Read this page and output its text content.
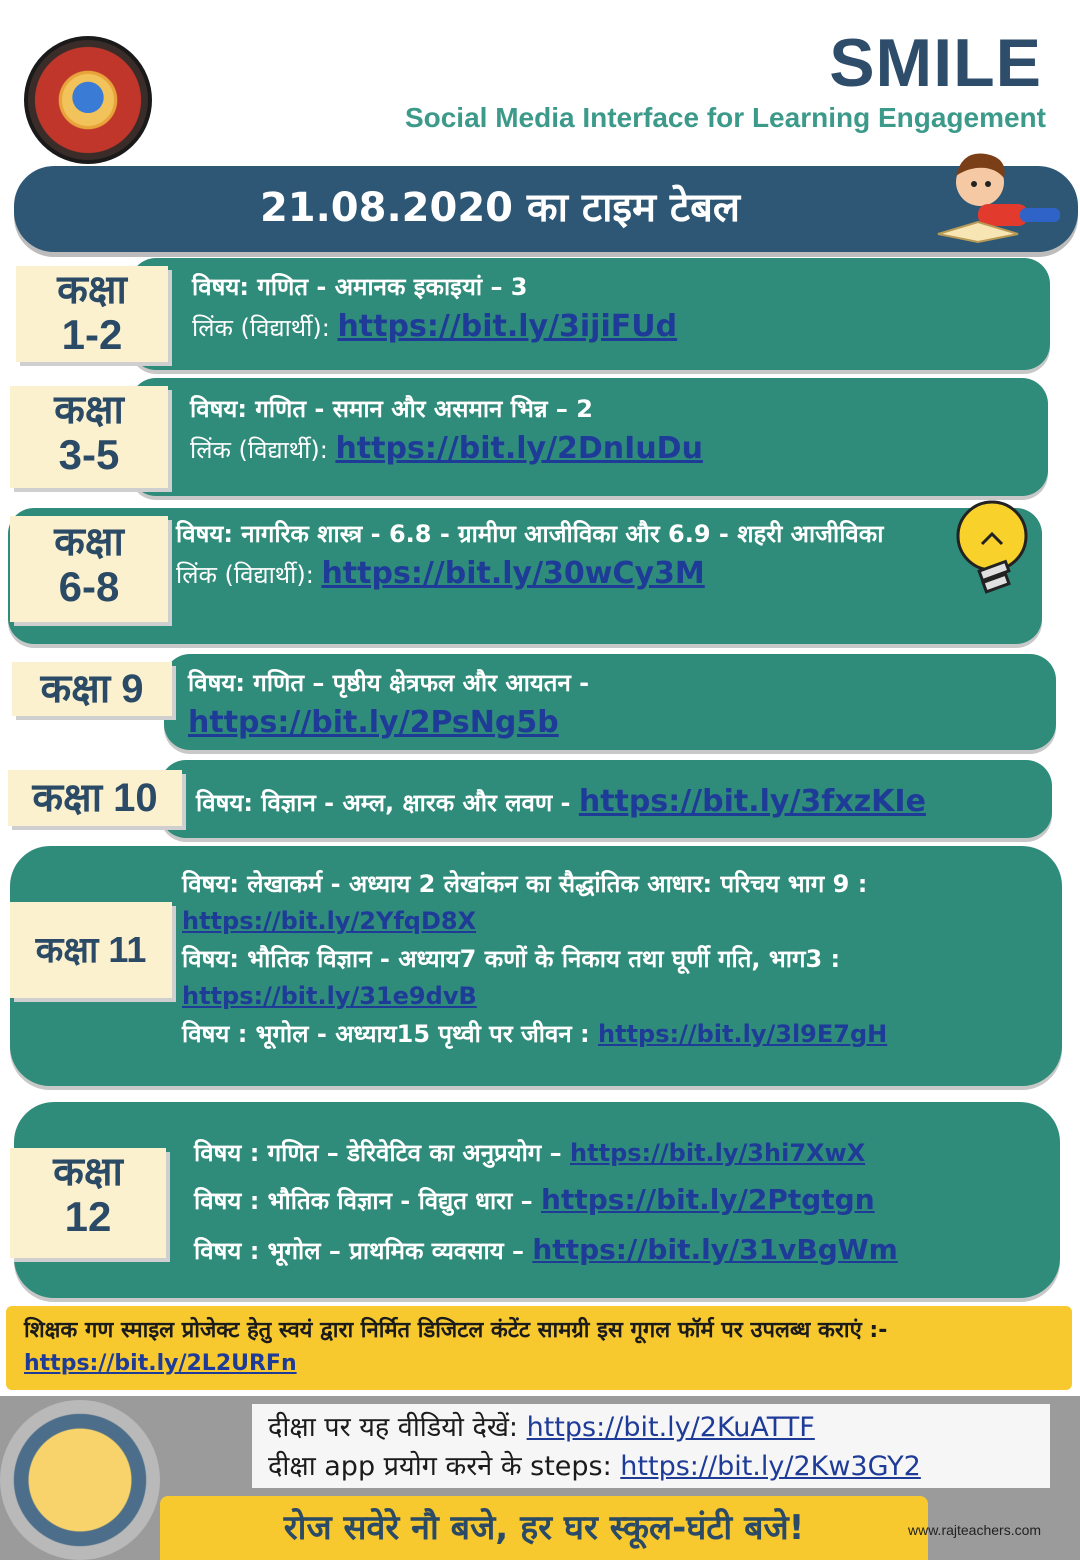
SMILE
Social Media Interface for Learning Engagement
21.08.2020 का टाइम टेबल
कक्षा
1-2
विषय: गणित - अमानक इकाइयां – 3
लिंक (विद्यार्थी): https://bit.ly/3ijiFUd
कक्षा
3-5
विषय: गणित - समान और असमान भिन्न – 2
लिंक (विद्यार्थी): https://bit.ly/2DnIuDu
कक्षा
6-8
विषय: नागरिक शास्त्र - 6.8 - ग्रामीण आजीविका और 6.9 - शहरी आजीविका
लिंक (विद्यार्थी): https://bit.ly/30wCy3M
कक्षा 9	विषय: गणित – पृष्ठीय क्षेत्रफल और आयतन -
https://bit.ly/2PsNg5b
कक्षा 10	विषय: विज्ञान - अम्ल, क्षारक और लवण - https://bit.ly/3fxzKIe
कक्षा 11
विषय: लेखाकर्म - अध्याय 2 लेखांकन का सैद्धांतिक आधार: परिचय भाग 9 : https://bit.ly/2YfqD8X
विषय: भौतिक विज्ञान - अध्याय7 कणों के निकाय तथा घूर्णी गति, भाग3 : https://bit.ly/31e9dvB
विषय : भूगोल - अध्याय15 पृथ्वी पर जीवन : https://bit.ly/3l9E7gH
कक्षा
12
विषय : गणित – डेरिवेटिव का अनुप्रयोग – https://bit.ly/3hi7XwX
विषय : भौतिक विज्ञान - विद्युत धारा – https://bit.ly/2Ptgtgn
विषय : भूगोल – प्राथमिक व्यवसाय – https://bit.ly/31vBgWm
शिक्षक गण स्माइल प्रोजेक्ट हेतु स्वयं द्वारा निर्मित डिजिटल कंटेंट सामग्री इस गूगल फॉर्म पर उपलब्ध कराएं :- https://bit.ly/2L2URFn
दीक्षा पर यह वीडियो देखें: https://bit.ly/2KuATTF
दीक्षा app प्रयोग करने के steps: https://bit.ly/2Kw3GY2
रोज सवेरे नौ बजे, हर घर स्कूल-घंटी बजे!	www.rajteachers.com
